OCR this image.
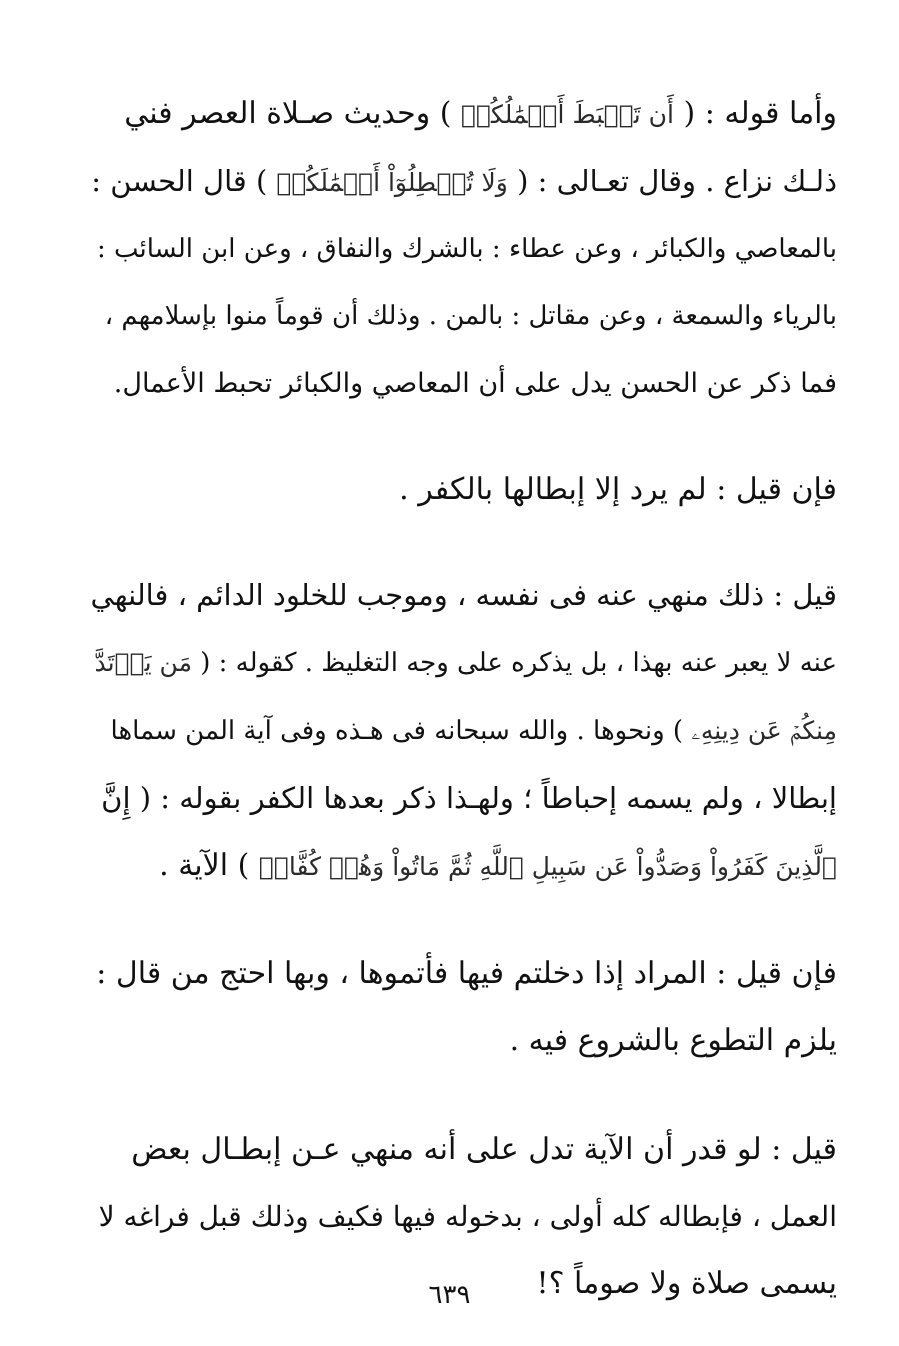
وأما قوله : ( أَن تَحۡبَطَ أَعۡمَٰلُكُمۡ ) وحديث صـلاة العصر فني
ذلـك نزاع . وقال تعـالى : ( وَلَا تُبۡطِلُوٓاْ أَعۡمَٰلَكُمۡ ) قال الحسن :
بالمعاصي والكبائر ، وعن عطاء : بالشرك والنفاق ، وعن ابن السائب :
بالرياء والسمعة ، وعن مقاتل : بالمن . وذلك أن قوماً منوا بإسلامهم ،
فما ذكر عن الحسن يدل على أن المعاصي والكبائر تحبط الأعمال.
فإن قيل : لم يرد إلا إبطالها بالكفر .
قيل : ذلك منهي عنه فى نفسه ، وموجب للخلود الدائم ، فالنهي
عنه لا يعبر عنه بهذا ، بل يذكره على وجه التغليظ . كقوله : ( مَن يَرۡتَدَّ
مِنكُمۡ عَن دِينِهِۦ ) ونحوها . والله سبحانه فى هـذه وفى آية المن سماها
إبطالا ، ولم يسمه إحباطاً ؛ ولهـذا ذكر بعدها الكفر بقوله : ( إِنَّ
ٱلَّذِينَ كَفَرُواْ وَصَدُّواْ عَن سَبِيلِ ٱللَّهِ ثُمَّ مَاتُواْ وَهُمۡ كُفَّارٞ ) الآية .
فإن قيل : المراد إذا دخلتم فيها فأتموها ، وبها احتج من قال :
يلزم التطوع بالشروع فيه .
قيل : لو قدر أن الآية تدل على أنه منهي عـن إبطـال بعض
العمل ، فإبطاله كله أولى ، بدخوله فيها فكيف وذلك قبل فراغه لا
يسمى صلاة ولا صوماً ؟!
٦٣٩
